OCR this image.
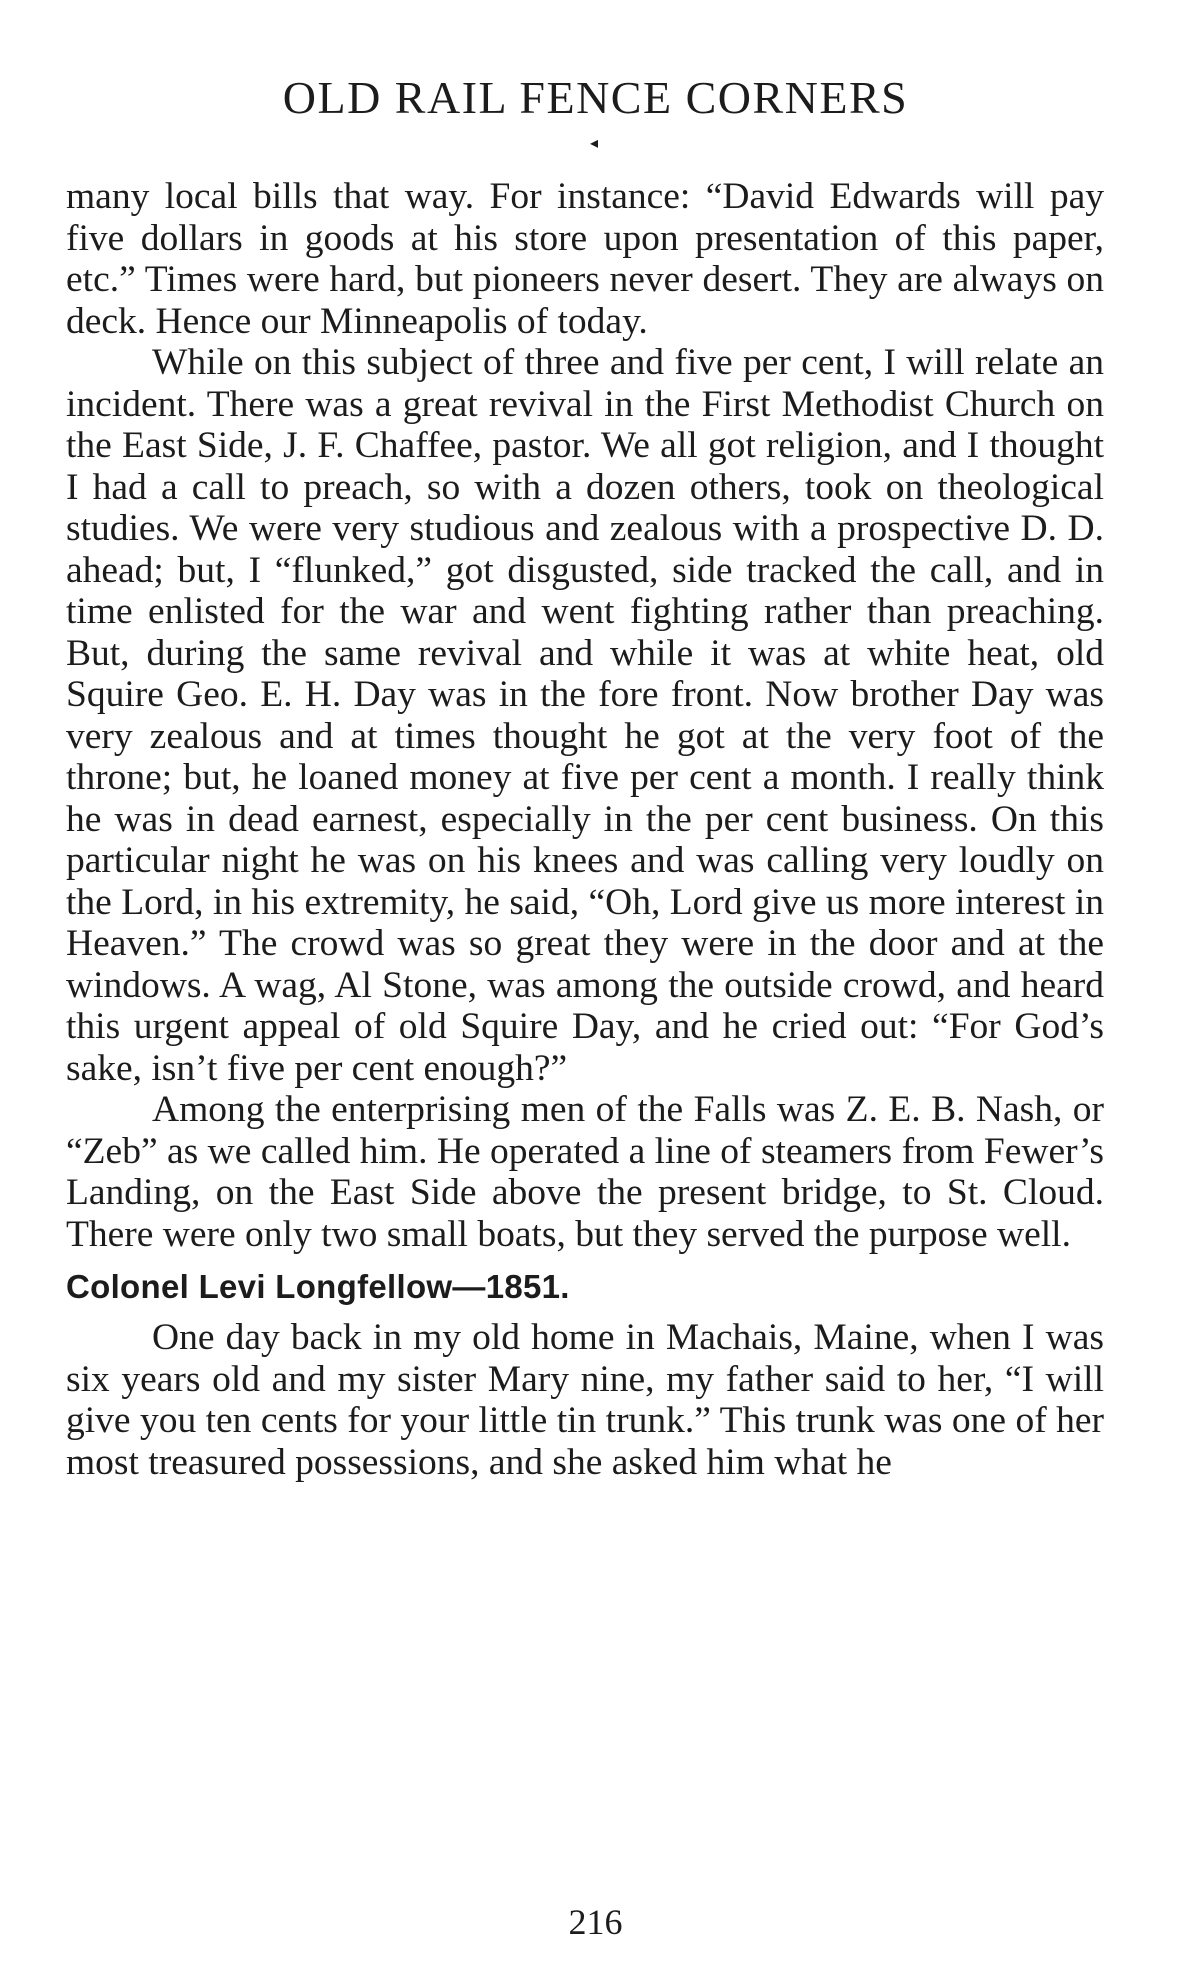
OLD RAIL FENCE CORNERS
◂

many local bills that way. For instance: “David Edwards will pay five dollars in goods at his store upon presentation of this paper, etc.” Times were hard, but pioneers never desert. They are always on deck. Hence our Minneapolis of today.

While on this subject of three and five per cent, I will relate an incident. There was a great revival in the First Methodist Church on the East Side, J. F. Chaffee, pastor. We all got religion, and I thought I had a call to preach, so with a dozen others, took on theological studies. We were very studious and zealous with a prospective D. D. ahead; but, I “flunked,” got disgusted, side tracked the call, and in time enlisted for the war and went fighting rather than preaching. But, during the same revival and while it was at white heat, old Squire Geo. E. H. Day was in the fore front. Now brother Day was very zealous and at times thought he got at the very foot of the throne; but, he loaned money at five per cent a month. I really think he was in dead earnest, especially in the per cent business. On this particular night he was on his knees and was calling very loudly on the Lord, in his extremity, he said, “Oh, Lord give us more interest in Heaven.” The crowd was so great they were in the door and at the windows. A wag, Al Stone, was among the outside crowd, and heard this urgent appeal of old Squire Day, and he cried out: “For God’s sake, isn’t five per cent enough?”

Among the enterprising men of the Falls was Z. E. B. Nash, or “Zeb” as we called him. He operated a line of steamers from Fewer’s Landing, on the East Side above the present bridge, to St. Cloud. There were only two small boats, but they served the purpose well.

Colonel Levi Longfellow—1851.

One day back in my old home in Machais, Maine, when I was six years old and my sister Mary nine, my father said to her, “I will give you ten cents for your little tin trunk.” This trunk was one of her most treasured possessions, and she asked him what he

216
